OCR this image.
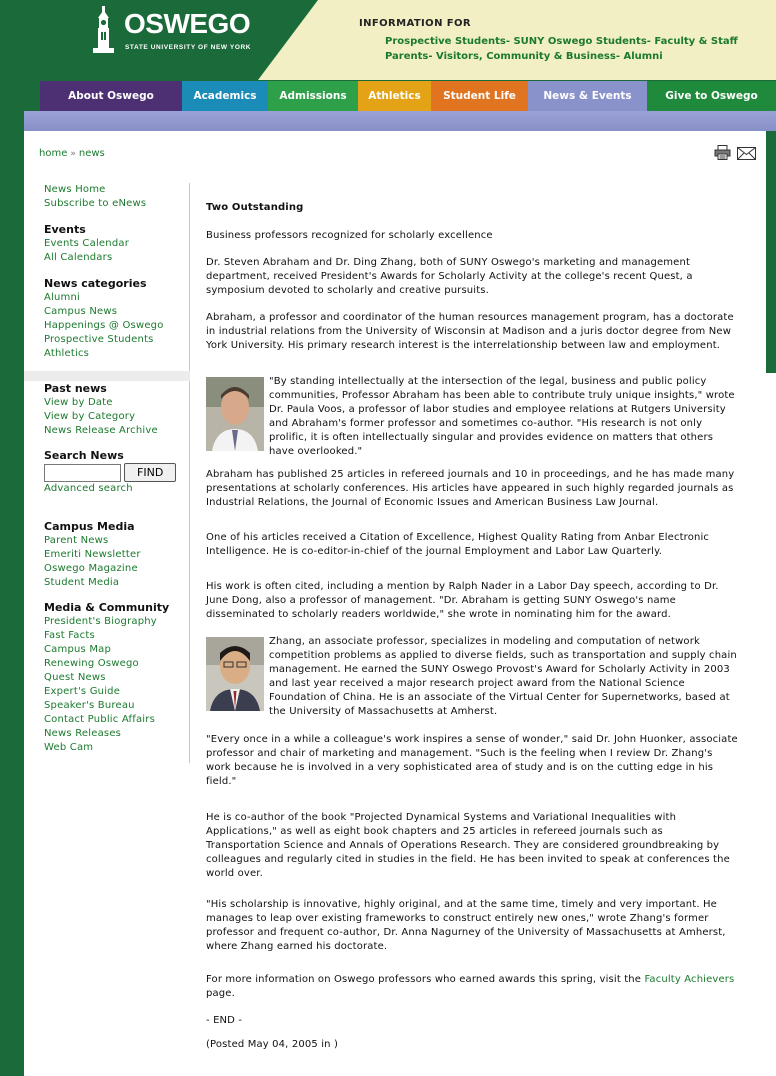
OSWEGO
STATE UNIVERSITY OF NEW YORK
INFORMATION FOR
Prospective Students- SUNY Oswego Students- Faculty & Staff
Parents- Visitors, Community & Business- Alumni
About Oswego	Academics	Admissions	Athletics	Student Life	News & Events	Give to Oswego
home » news

News Home
Subscribe to eNews
Events
Events Calendar
All Calendars
News categories
Alumni
Campus News
Happenings @ Oswego
Prospective Students
Athletics
Past news
View by Date
View by Category
News Release Archive
Search News
FIND
Advanced search
Campus Media
Parent News
Emeriti Newsletter
Oswego Magazine
Student Media
Media & Community
President's Biography
Fast Facts
Campus Map
Renewing Oswego
Quest News
Expert's Guide
Speaker's Bureau
Contact Public Affairs
News Releases
Web Cam

Two Outstanding

Business professors recognized for scholarly excellence

Dr. Steven Abraham and Dr. Ding Zhang, both of SUNY Oswego's marketing and management department, received President's Awards for Scholarly Activity at the college's recent Quest, a symposium devoted to scholarly and creative pursuits.

Abraham, a professor and coordinator of the human resources management program, has a doctorate in industrial relations from the University of Wisconsin at Madison and a juris doctor degree from New York University. His primary research interest is the interrelationship between law and employment.

"By standing intellectually at the intersection of the legal, business and public policy communities, Professor Abraham has been able to contribute truly unique insights," wrote Dr. Paula Voos, a professor of labor studies and employee relations at Rutgers University and Abraham's former professor and sometimes co-author. "His research is not only prolific, it is often intellectually singular and provides evidence on matters that others have overlooked."

Abraham has published 25 articles in refereed journals and 10 in proceedings, and he has made many presentations at scholarly conferences. His articles have appeared in such highly regarded journals as Industrial Relations, the Journal of Economic Issues and American Business Law Journal.

One of his articles received a Citation of Excellence, Highest Quality Rating from Anbar Electronic Intelligence. He is co-editor-in-chief of the journal Employment and Labor Law Quarterly.

His work is often cited, including a mention by Ralph Nader in a Labor Day speech, according to Dr. June Dong, also a professor of management. "Dr. Abraham is getting SUNY Oswego's name disseminated to scholarly readers worldwide," she wrote in nominating him for the award.

Zhang, an associate professor, specializes in modeling and computation of network competition problems as applied to diverse fields, such as transportation and supply chain management. He earned the SUNY Oswego Provost's Award for Scholarly Activity in 2003 and last year received a major research project award from the National Science Foundation of China. He is an associate of the Virtual Center for Supernetworks, based at the University of Massachusetts at Amherst.

"Every once in a while a colleague's work inspires a sense of wonder," said Dr. John Huonker, associate professor and chair of marketing and management. "Such is the feeling when I review Dr. Zhang's work because he is involved in a very sophisticated area of study and is on the cutting edge in his field."

He is co-author of the book "Projected Dynamical Systems and Variational Inequalities with Applications," as well as eight book chapters and 25 articles in refereed journals such as Transportation Science and Annals of Operations Research. They are considered groundbreaking by colleagues and regularly cited in studies in the field. He has been invited to speak at conferences the world over.

"His scholarship is innovative, highly original, and at the same time, timely and very important. He manages to leap over existing frameworks to construct entirely new ones," wrote Zhang's former professor and frequent co-author, Dr. Anna Nagurney of the University of Massachusetts at Amherst, where Zhang earned his doctorate.

For more information on Oswego professors who earned awards this spring, visit the Faculty Achievers page.

- END -

(Posted May 04, 2005 in )
